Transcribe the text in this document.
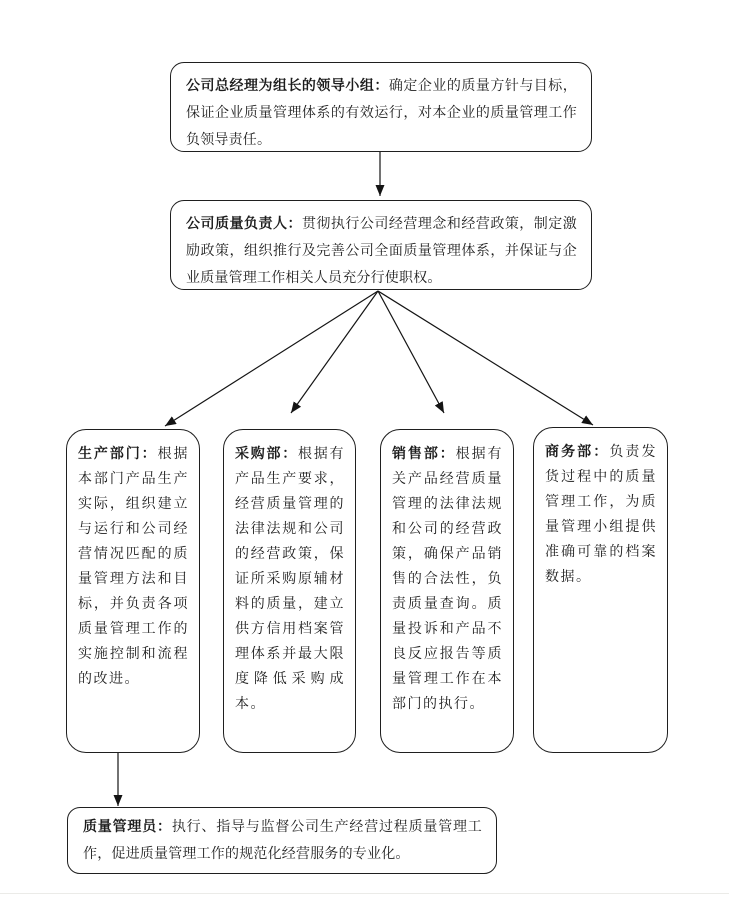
公司总经理为组长的领导小组：确定企业的质量方针与目标，保证企业质量管理体系的有效运行，对本企业的质量管理工作负领导责任。
公司质量负责人：贯彻执行公司经营理念和经营政策，制定激励政策，组织推行及完善公司全面质量管理体系，并保证与企业质量管理工作相关人员充分行使职权。
生产部门：根据本部门产品生产实际，组织建立与运行和公司经营情况匹配的质量管理方法和目标，并负责各项质量管理工作的实施控制和流程的改进。
采购部：根据有产品生产要求，经营质量管理的法律法规和公司的经营政策，保证所采购原辅材料的质量，建立供方信用档案管理体系并最大限度降低采购成本。
销售部：根据有关产品经营质量管理的法律法规和公司的经营政策，确保产品销售的合法性，负责质量查询。质量投诉和产品不良反应报告等质量管理工作在本部门的执行。
商务部：负责发货过程中的质量管理工作，为质量管理小组提供准确可靠的档案数据。
质量管理员：执行、指导与监督公司生产经营过程质量管理工作，促进质量管理工作的规范化经营服务的专业化。
